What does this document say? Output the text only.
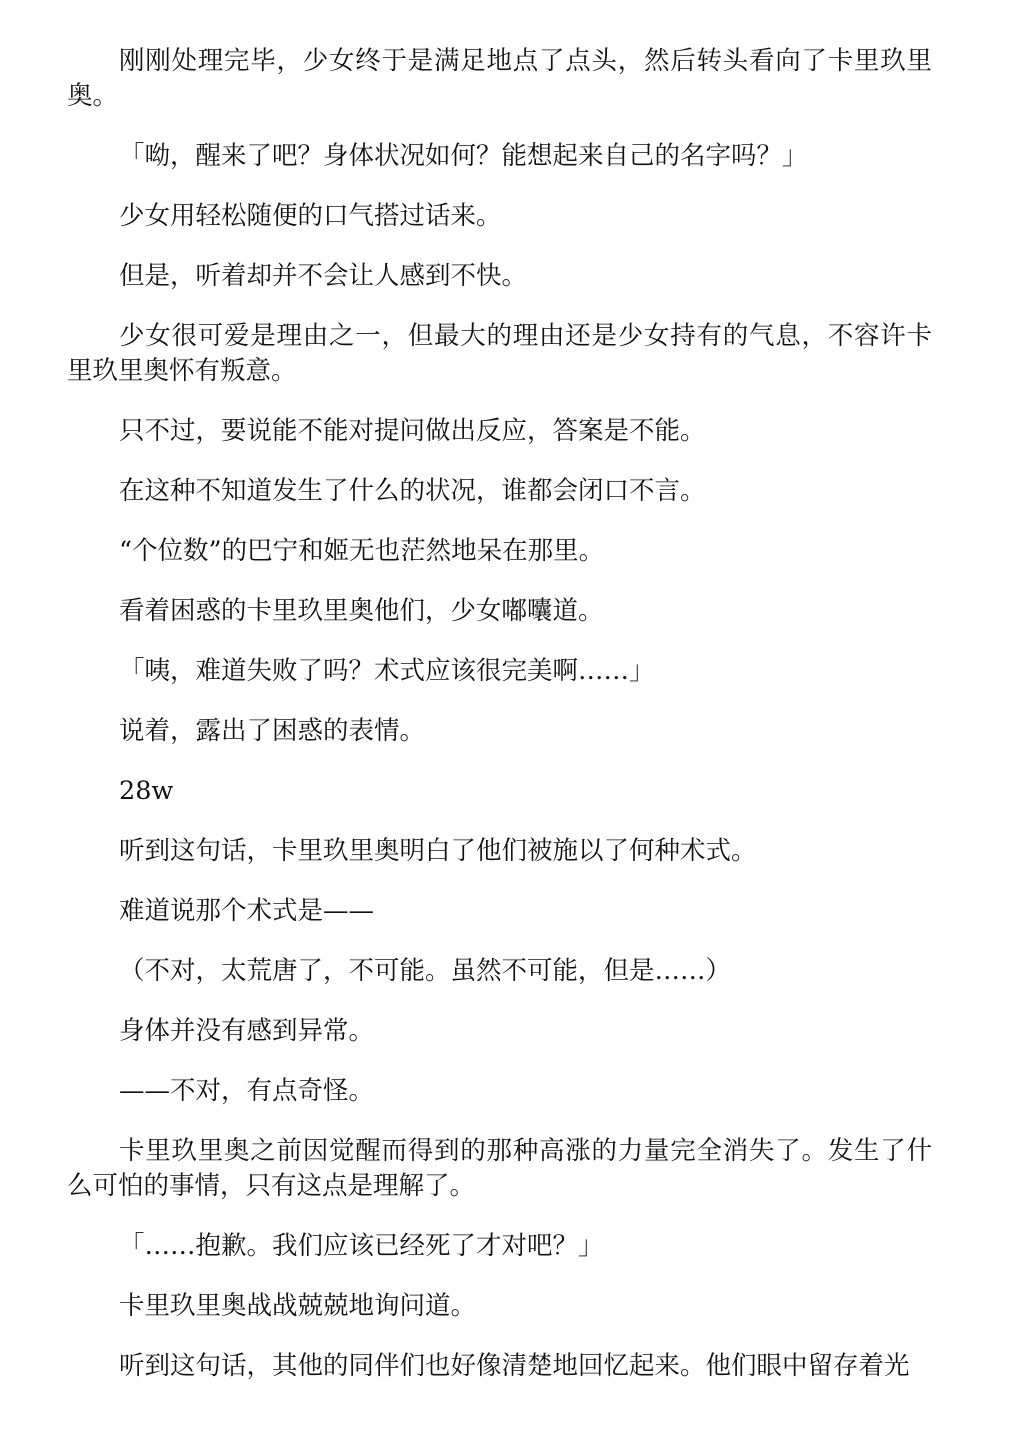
刚刚处理完毕，少女终于是满足地点了点头，然后转头看向了卡里玖里奥。

「呦，醒来了吧？身体状况如何？能想起来自己的名字吗？」

少女用轻松随便的口气搭过话来。

但是，听着却并不会让人感到不快。

少女很可爱是理由之一，但最大的理由还是少女持有的气息，不容许卡里玖里奥怀有叛意。

只不过，要说能不能对提问做出反应，答案是不能。

在这种不知道发生了什么的状况，谁都会闭口不言。

“个位数”的巴宁和姬无也茫然地呆在那里。

看着困惑的卡里玖里奥他们，少女嘟囔道。

「咦，难道失败了吗？术式应该很完美啊……」

说着，露出了困惑的表情。

28w

听到这句话，卡里玖里奥明白了他们被施以了何种术式。

难道说那个术式是——

（不对，太荒唐了，不可能。虽然不可能，但是……）

身体并没有感到异常。

——不对，有点奇怪。

卡里玖里奥之前因觉醒而得到的那种高涨的力量完全消失了。发生了什么可怕的事情，只有这点是理解了。

「……抱歉。我们应该已经死了才对吧？」

卡里玖里奥战战兢兢地询问道。

听到这句话，其他的同伴们也好像清楚地回忆起来。他们眼中留存着光
